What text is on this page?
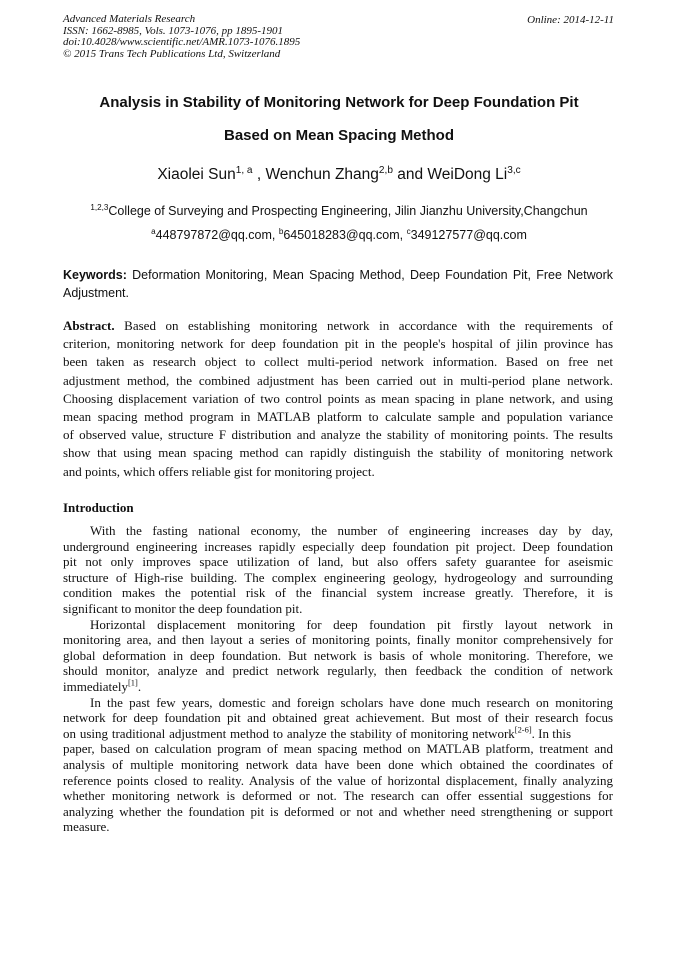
Advanced Materials Research
ISSN: 1662-8985, Vols. 1073-1076, pp 1895-1901
doi:10.4028/www.scientific.net/AMR.1073-1076.1895
© 2015 Trans Tech Publications Ltd, Switzerland
Online: 2014-12-11
Analysis in Stability of Monitoring Network for Deep Foundation Pit
Based on Mean Spacing Method
Xiaolei Sun$^{1, a}$ , Wenchun Zhang$^{2,b}$ and WeiDong Li$^{3,c}$
$^{1,2,3}$College of Surveying and Prospecting Engineering, Jilin Jianzhu University,Changchun
$^a$448797872@qq.com, $^b$645018283@qq.com, $^c$349127577@qq.com
Keywords: Deformation Monitoring, Mean Spacing Method, Deep Foundation Pit, Free Network Adjustment.
Abstract. Based on establishing monitoring network in accordance with the requirements of
criterion, monitoring network for deep foundation pit in the people's hospital of jilin province has
been taken as research object to collect multi-period network information. Based on free net
adjustment method, the combined adjustment has been carried out in multi-period plane network.
Choosing displacement variation of two control points as mean spacing in plane network, and using
mean spacing method program in MATLAB platform to calculate sample and population variance
of observed value, structure F distribution and analyze the stability of monitoring points. The results
show that using mean spacing method can rapidly distinguish the stability of monitoring network
and points, which offers reliable gist for monitoring project.
Introduction
With the fasting national economy, the number of engineering increases day by day,
underground engineering increases rapidly especially deep foundation pit project. Deep foundation
pit not only improves space utilization of land, but also offers safety guarantee for aseismic
structure of High-rise building. The complex engineering geology, hydrogeology and surrounding
condition makes the potential risk of the financial system increase greatly. Therefore, it is
significant to monitor the deep foundation pit.
Horizontal displacement monitoring for deep foundation pit firstly layout network in
monitoring area, and then layout a series of monitoring points, finally monitor comprehensively for
global deformation in deep foundation. But network is basis of whole monitoring. Therefore, we
should monitor, analyze and predict network regularly, then feedback the condition of network
immediately[1].
In the past few years, domestic and foreign scholars have done much research on monitoring
network for deep foundation pit and obtained great achievement. But most of their research focus
on using traditional adjustment method to analyze the stability of monitoring network[2-6]. In this
paper, based on calculation program of mean spacing method on MATLAB platform, treatment and
analysis of multiple monitoring network data have been done which obtained the coordinates of
reference points closed to reality. Analysis of the value of horizontal displacement, finally analyzing
whether monitoring network is deformed or not. The research can offer essential suggestions for
analyzing whether the foundation pit is deformed or not and whether need strengthening or support
measure.
